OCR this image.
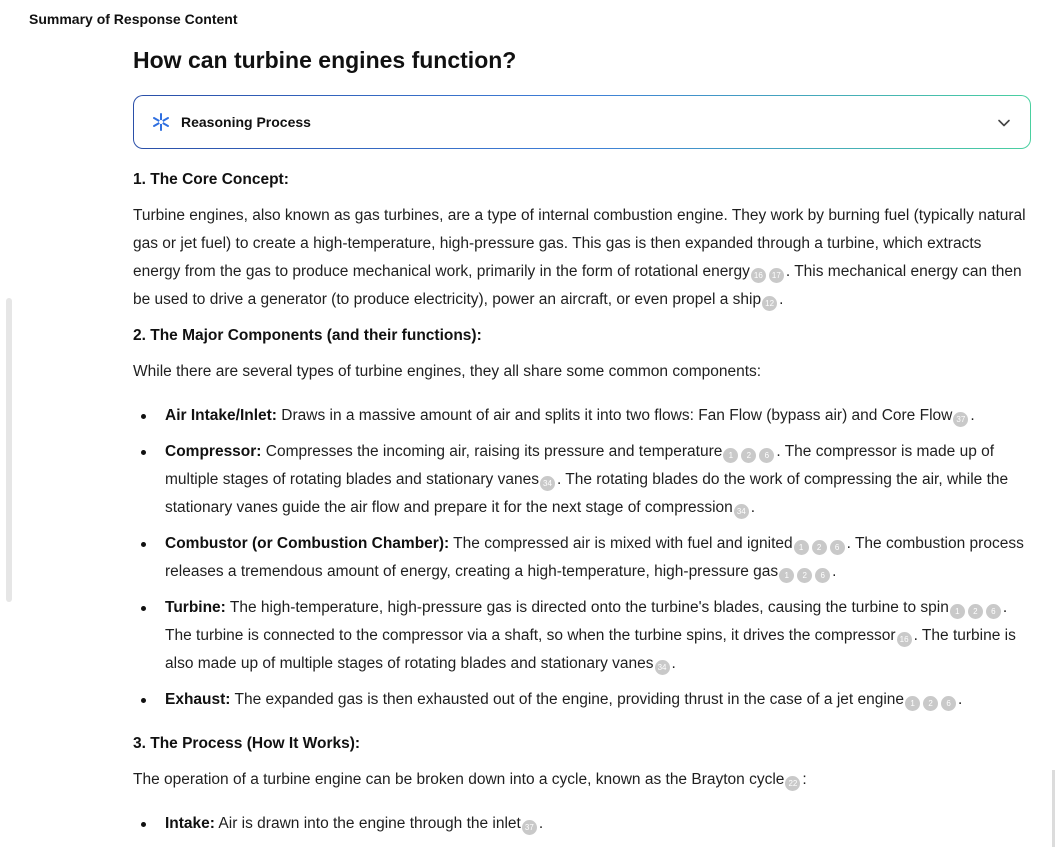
Summary of Response Content
How can turbine engines function?
Reasoning Process
1. The Core Concept:

Turbine engines, also known as gas turbines, are a type of internal combustion engine. They work by burning fuel (typically natural gas or jet fuel) to create a high-temperature, high-pressure gas. This gas is then expanded through a turbine, which extracts energy from the gas to produce mechanical work, primarily in the form of rotational energy 16 17 . This mechanical energy can then be used to drive a generator (to produce electricity), power an aircraft, or even propel a ship 12 .

2. The Major Components (and their functions):

While there are several types of turbine engines, they all share some common components:

Air Intake/Inlet: Draws in a massive amount of air and splits it into two flows: Fan Flow (bypass air) and Core Flow 37 .
Compressor: Compresses the incoming air, raising its pressure and temperature 1 2 6 . The compressor is made up of multiple stages of rotating blades and stationary vanes 34 . The rotating blades do the work of compressing the air, while the stationary vanes guide the air flow and prepare it for the next stage of compression 34 .
Combustor (or Combustion Chamber): The compressed air is mixed with fuel and ignited 1 2 6 . The combustion process releases a tremendous amount of energy, creating a high-temperature, high-pressure gas 1 2 6 .
Turbine: The high-temperature, high-pressure gas is directed onto the turbine's blades, causing the turbine to spin 1 2 6 . The turbine is connected to the compressor via a shaft, so when the turbine spins, it drives the compressor 16 . The turbine is also made up of multiple stages of rotating blades and stationary vanes 34 .
Exhaust: The expanded gas is then exhausted out of the engine, providing thrust in the case of a jet engine 1 2 6 .
3. The Process (How It Works):

The operation of a turbine engine can be broken down into a cycle, known as the Brayton cycle 22 :

Intake: Air is drawn into the engine through the inlet 37 .
